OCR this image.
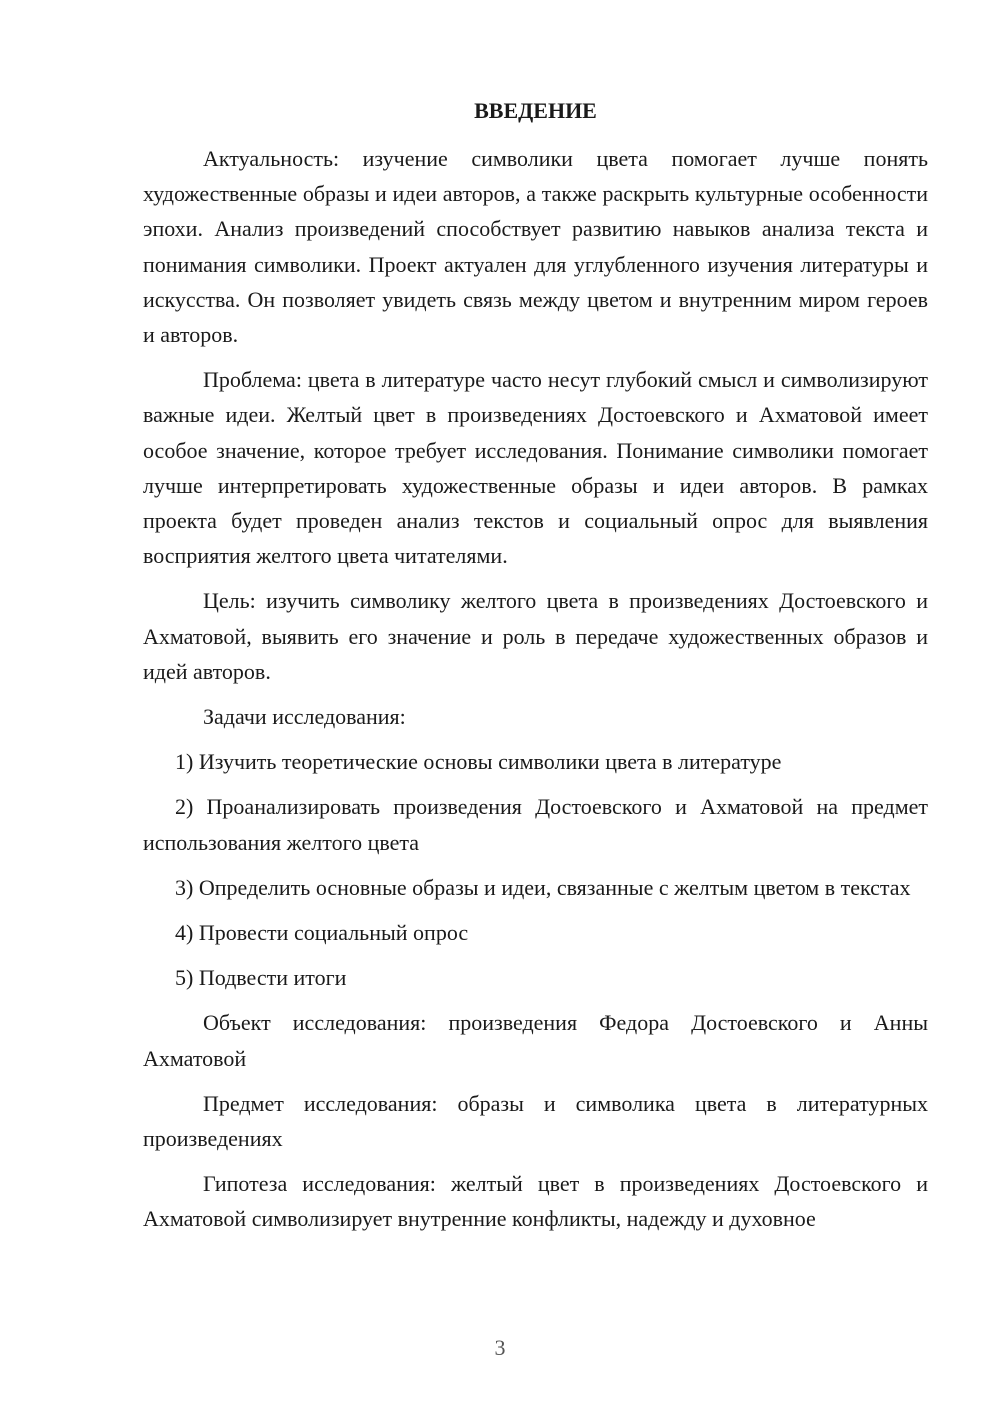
ВВЕДЕНИЕ

Актуальность: изучение символики цвета помогает лучше понять художественные образы и идеи авторов, а также раскрыть культурные особенности эпохи. Анализ произведений способствует развитию навыков анализа текста и понимания символики. Проект актуален для углубленного изучения литературы и искусства. Он позволяет увидеть связь между цветом и внутренним миром героев и авторов.

Проблема: цвета в литературе часто несут глубокий смысл и символизируют важные идеи. Желтый цвет в произведениях Достоевского и Ахматовой имеет особое значение, которое требует исследования. Понимание символики помогает лучше интерпретировать художественные образы и идеи авторов. В рамках проекта будет проведен анализ текстов и социальный опрос для выявления восприятия желтого цвета читателями.

Цель: изучить символику желтого цвета в произведениях Достоевского и Ахматовой, выявить его значение и роль в передаче художественных образов и идей авторов.

Задачи исследования:

1) Изучить теоретические основы символики цвета в литературе

2) Проанализировать произведения Достоевского и Ахматовой на предмет использования желтого цвета

3) Определить основные образы и идеи, связанные с желтым цветом в текстах

4) Провести социальный опрос

5) Подвести итоги

Объект исследования: произведения Федора Достоевского и Анны Ахматовой

Предмет исследования: образы и символика цвета в литературных произведениях

Гипотеза исследования: желтый цвет в произведениях Достоевского и Ахматовой символизирует внутренние конфликты, надежду и духовное

3
